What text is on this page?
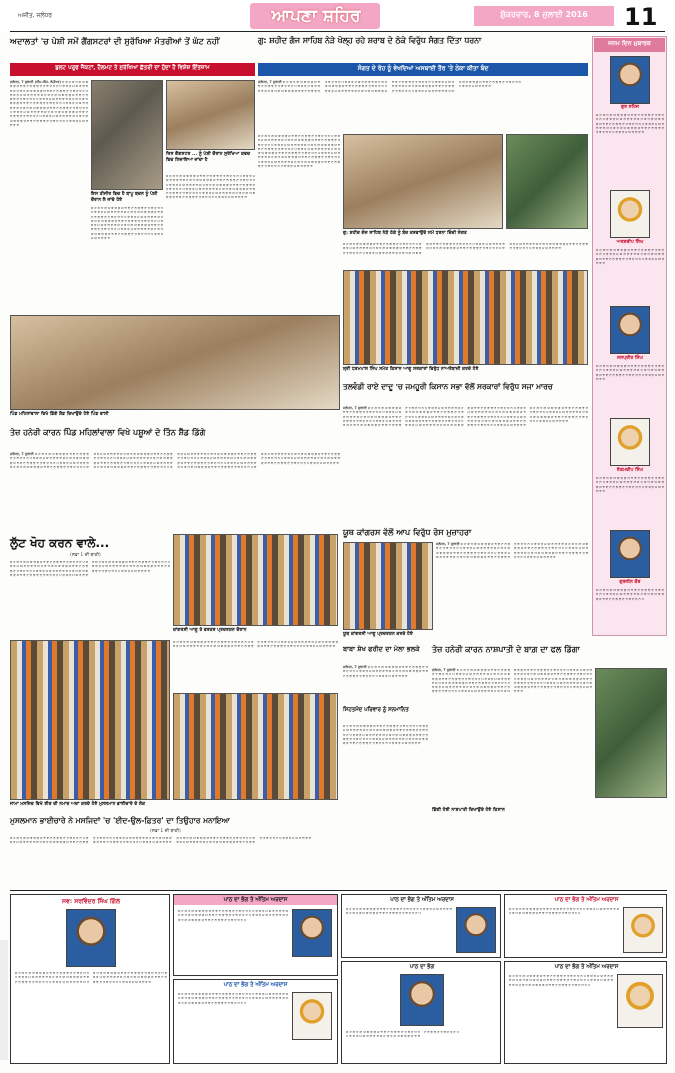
ਅਜੀਤ, ਜਲੰਧਰ	ਆਪਣਾ ਸ਼ਹਿਰ	ਸ਼ੁੱਕਰਵਾਰ, 8 ਜੁਲਾਈ 2016	11
ਅਦਾਲਤਾਂ 'ਚ ਪੇਸ਼ੀ ਸਮੇਂ ਗੈਂਗਸਟਰਾਂ ਦੀ ਸੁਰੱਖਿਆ ਮੰਤਰੀਆਂ ਤੋਂ ਘੱਟ ਨਹੀਂ
ਬੁਲਟ ਪਰੂਫ ਜੈਕਟਾਂ, ਹੈਲਮਟ ਤੇ ਸੁਰੱਖਿਆ ਛੱਤਰੀ ਦਾ ਹੁੰਦਾ ਹੈ ਵਿਸ਼ੇਸ਼ ਇੰਤਜ਼ਾਮ
ਜਲੰਧਰ, 7 ਜੁਲਾਈ (ਐੱਮ.ਐੱਸ. ਲੋਹੀਆ) ੲ ਸ ਹ ਕ ਖ ਗ ਘ ਙ ਚ ਛ ਜ ਝ ਞ ਟ ਠ ਡ ਢ ਣ ਤ ਥ ਦ ਧ ਨ ਪ ਫ ਬ ਭ ਮ ਯ ਰ ਲ ਵ ੜ ਸ ਹ ਕ ਖ ਗ ਘ ਙ ਚ ਛ ਜ ਝ ਞ ਟ ਠ ਡ ਢ ਣ ਤ ਥ ਦ ਧ ਨ ਪ ਫ ਬ ਭ ਮ ਯ ਰ ਲ ਵ ੜ ਸ ਹ ਕ ਖ ਗ ਘ ਙ ਚ ਛ ਜ ਝ ਞ ਟ ਠ ਡ ਢ ਣ ਤ ਥ ਦ ਧ ਨ ਪ ਫ ਬ ਭ ਮ ਯ ਰ ਲ ਵ ੜ ਸ ਹ ਕ ਖ ਗ ਘ ਙ ਚ ਛ ਜ ਝ ਞ ਟ ਠ ਡ ਢ ਣ ਤ ਥ ਦ ਧ ਨ ਪ ਫ ਬ ਭ ਮ ਯ ਰ ਲ ਵ ੜ ਸ ਹ ਕ ਖ ਗ ਘ ਙ ਚ ਛ ਜ ਝ ਞ ਟ ਠ ਡ ਢ ਣ ਤ ਥ ਦ ਧ ਨ ਪ ਫ ਬ ਭ ਮ ਯ ਰ ਲ ਵ ੜ ਸ ਹ ਕ ਖ ਗ ਘ ਙ ਚ ਛ ਜ ਝ ਞ ਟ ਠ ਡ ਢ ਣ ਤ ਥ ਦ ਧ ਨ ਪ ਫ ਬ ਭ ਮ ਯ ਰ ਲ ਵ ੜ ਸ ਹ ਕ ਖ ਗ ਘ ਙ ਚ ਛ ਜ ਝ ਞ ਟ ਠ ਡ ਢ ਣ ਤ ਥ ਦ ਧ ਨ ਪ ਫ ਬ ਭ ਮ ਯ ਰ ਲ ਵ ੜ
ਇਸ ਤੀਜੀਰ ਵਿਚ ਹੈ ਬਾਪੂ ਬਚਨ ਨੂੰ ਪੇਸ਼ੀ ਦੌਰਾਨ ਲੈ ਜਾਂਦੇ ਹੋਏ
ਜਿਸ ਗੈਂਗਸਟਰ ... ਨੂੰ ਪੇਸ਼ੀ ਦੌਰਾਨ ਸੁਰੱਖਿਆ ਕਵਚ ਵਿਚ ਲਿਜਾਇਆ ਜਾਂਦਾ ਹੈ
ਸ ਹ ਕ ਖ ਗ ਘ ਙ ਚ ਛ ਜ ਝ ਞ ਟ ਠ ਡ ਢ ਣ ਤ ਥ ਦ ਧ ਨ ਪ ਫ ਬ ਭ ਮ ਯ ਰ ਲ ਵ ੜ ਸ ਹ ਕ ਖ ਗ ਘ ਙ ਚ ਛ ਜ ਝ ਞ ਟ ਠ ਡ ਢ ਣ ਤ ਥ ਦ ਧ ਨ ਪ ਫ ਬ ਭ ਮ ਯ ਰ ਲ ਵ ੜ ਸ ਹ ਕ ਖ ਗ ਘ ਙ ਚ ਛ ਜ ਝ ਞ ਟ ਠ ਡ ਢ ਣ ਤ ਥ ਦ ਧ ਨ ਪ ਫ ਬ ਭ ਮ ਯ ਰ ਲ ਵ ੜ ਸ ਹ ਕ ਖ ਗ ਘ ਙ ਚ ਛ ਜ ਝ ਞ ਟ ਠ ਡ ਢ ਣ ਤ ਥ ਦ ਧ ਨ ਪ ਫ ਬ ਭ ਮ ਯ ਰ ਲ ਵ ੜ ਸ ਹ ਕ ਖ ਗ ਘ ਙ ਚ ਛ ਜ ਝ ਞ ਟ ਠ ਡ ਢ ਣ ਤ ਥ ਦ ਧ ਨ ਪ ਫ ਬ ਭ ਮ ਯ ਰ ਲ ਵ ੜ
ਸ ਹ ਕ ਖ ਗ ਘ ਙ ਚ ਛ ਜ ਝ ਞ ਟ ਠ ਡ ਢ ਣ ਤ ਥ ਦ ਧ ਨ ਪ ਫ ਬ ਭ ਮ ਯ ਰ ਲ ਵ ੜ ਸ ਹ ਕ ਖ ਗ ਘ ਙ ਚ ਛ ਜ ਝ ਞ ਟ ਠ ਡ ਢ ਣ ਤ ਥ ਦ ਧ ਨ ਪ ਫ ਬ ਭ ਮ ਯ ਰ ਲ ਵ ੜ ਸ ਹ ਕ ਖ ਗ ਘ ਙ ਚ ਛ ਜ ਝ ਞ ਟ ਠ ਡ ਢ ਣ ਤ ਥ ਦ ਧ ਨ ਪ ਫ ਬ ਭ ਮ ਯ ਰ ਲ ਵ ੜ ਸ ਹ ਕ ਖ ਗ ਘ ਙ ਚ ਛ ਜ ਝ ਞ ਟ ਠ ਡ ਢ ਣ ਤ ਥ ਦ ਧ ਨ ਪ ਫ ਬ ਭ ਮ ਯ ਰ ਲ ਵ ੜ ਸ ਹ ਕ ਖ ਗ ਘ ਙ ਚ ਛ ਜ ਝ ਞ ਟ ਠ ਡ ਢ ਣ ਤ ਥ ਦ ਧ ਨ ਪ ਫ ਬ ਭ ਮ ਯ ਰ ਲ ਵ ੜ
ਪਿੰਡ ਮਹਿਲਾਂਵਾਲਾ ਵਿਖੇ ਡਿੱਗੇ ਸ਼ੈੱਡ ਦਿਖਾਉਂਦੇ ਹੋਏ ਪਿੰਡ ਵਾਸੀ
ਤੇਜ਼ ਹਨੇਰੀ ਕਾਰਨ ਪਿੰਡ ਮਹਿਲਾਂਵਾਲਾ ਵਿਖੇ ਪਸ਼ੂਆਂ ਦੇ ਤਿੰਨ ਸ਼ੈੱਡ ਡਿੱਗੇ
ਜਲੰਧਰ, 7 ਜੁਲਾਈ ਸ ਹ ਕ ਖ ਗ ਘ ਙ ਚ ਛ ਜ ਝ ਞ ਟ ਠ ਡ ਢ ਣ ਤ ਥ ਦ ਧ ਨ ਪ ਫ ਬ ਭ ਮ ਯ ਰ ਲ ਵ ੜ ਸ ਹ ਕ ਖ ਗ ਘ ਙ ਚ ਛ ਜ ਝ ਞ ਟ ਠ ਡ ਢ ਣ ਤ ਥ ਦ ਧ ਨ ਪ ਫ ਬ ਭ ਮ ਯ ਰ ਲ ਵ ੜ ਸ ਹ ਕ ਖ ਗ ਘ ਙ ਚ ਛ ਜ ਝ ਞ ਟ ਠ ਡ ਢ ਣ ਤ ਥ ਦ ਧ ਨ ਪ ਫ ਬ ਭ ਮ ਯ ਰ ਲ ਵ ੜ ਸ ਹ ਕ ਖ ਗ ਘ ਙ ਚ ਛ ਜ ਝ ਞ ਟ ਠ ਡ ਢ ਣ ਤ ਥ ਦ ਧ ਨ ਪ ਫ ਬ ਭ ਮ ਯ ਰ ਲ ਵ ੜ ਸ ਹ ਕ ਖ ਗ ਘ ਙ ਚ ਛ ਜ ਝ ਞ ਟ ਠ ਡ ਢ ਣ ਤ ਥ ਦ ਧ ਨ ਪ ਫ ਬ ਭ ਮ ਯ ਰ ਲ ਵ ੜ ਸ ਹ ਕ ਖ ਗ ਘ ਙ ਚ ਛ ਜ ਝ ਞ ਟ ਠ ਡ ਢ ਣ ਤ ਥ ਦ ਧ ਨ ਪ ਫ ਬ ਭ ਮ ਯ ਰ ਲ ਵ ੜ ਸ ਹ ਕ ਖ ਗ ਘ ਙ ਚ ਛ ਜ ਝ ਞ ਟ ਠ ਡ ਢ ਣ ਤ ਥ ਦ ਧ ਨ ਪ ਫ ਬ ਭ ਮ ਯ ਰ ਲ ਵ ੜ ਸ ਹ ਕ ਖ ਗ ਘ ਙ ਚ ਛ ਜ ਝ ਞ ਟ ਠ ਡ ਢ ਣ ਤ ਥ ਦ ਧ ਨ ਪ ਫ ਬ ਭ ਮ ਯ ਰ ਲ ਵ ੜ ਸ ਹ ਕ ਖ ਗ ਘ ਙ ਚ ਛ ਜ ਝ ਞ ਟ ਠ ਡ ਢ ਣ ਤ ਥ ਦ ਧ ਨ ਪ ਫ ਬ ਭ ਮ ਯ ਰ ਲ ਵ ੜ ਸ ਹ ਕ ਖ ਗ ਘ ਙ ਚ ਛ ਜ ਝ ਞ ਟ ਠ ਡ ਢ ਣ ਤ ਥ ਦ ਧ ਨ ਪ ਫ ਬ ਭ ਮ ਯ ਰ ਲ ਵ ੜ ਸ ਹ ਕ ਖ ਗ ਘ ਙ ਚ ਛ ਜ ਝ ਞ ਟ ਠ ਡ ਢ ਣ ਤ ਥ ਦ ਧ ਨ ਪ ਫ ਬ ਭ ਮ ਯ ਰ ਲ ਵ ੜ
ਲੁੱਟ ਖੋਹ ਕਰਨ ਵਾਲੇ...
(ਸਫ਼ਾ 1 ਦੀ ਬਾਕੀ)
ਸ ਹ ਕ ਖ ਗ ਘ ਙ ਚ ਛ ਜ ਝ ਞ ਟ ਠ ਡ ਢ ਣ ਤ ਥ ਦ ਧ ਨ ਪ ਫ ਬ ਭ ਮ ਯ ਰ ਲ ਵ ੜ ਸ ਹ ਕ ਖ ਗ ਘ ਙ ਚ ਛ ਜ ਝ ਞ ਟ ਠ ਡ ਢ ਣ ਤ ਥ ਦ ਧ ਨ ਪ ਫ ਬ ਭ ਮ ਯ ਰ ਲ ਵ ੜ ਸ ਹ ਕ ਖ ਗ ਘ ਙ ਚ ਛ ਜ ਝ ਞ ਟ ਠ ਡ ਢ ਣ ਤ ਥ ਦ ਧ ਨ ਪ ਫ ਬ ਭ ਮ ਯ ਰ ਲ ਵ ੜ ਸ ਹ ਕ ਖ ਗ ਘ ਙ ਚ ਛ ਜ ਝ ਞ ਟ ਠ ਡ ਢ ਣ ਤ ਥ ਦ ਧ ਨ ਪ ਫ ਬ ਭ ਮ ਯ ਰ ਲ ਵ ੜ ਸ ਹ ਕ ਖ ਗ ਘ ਙ ਚ ਛ ਜ ਝ ਞ ਟ ਠ ਡ ਢ ਣ ਤ ਥ ਦ ਧ ਨ ਪ ਫ ਬ ਭ ਮ ਯ ਰ ਲ ਵ ੜ
ਕਾਂਗਰਸੀ ਆਗੂ ਤੇ ਵਰਕਰ ਪ੍ਰਦਰਸ਼ਨ ਦੌਰਾਨ
ਸ ਹ ਕ ਖ ਗ ਘ ਙ ਚ ਛ ਜ ਝ ਞ ਟ ਠ ਡ ਢ ਣ ਤ ਥ ਦ ਧ ਨ ਪ ਫ ਬ ਭ ਮ ਯ ਰ ਲ ਵ ੜ ਸ ਹ ਕ ਖ ਗ ਘ ਙ ਚ ਛ ਜ ਝ ਞ ਟ ਠ ਡ ਢ ਣ ਤ ਥ ਦ ਧ ਨ ਪ ਫ ਬ ਭ ਮ ਯ ਰ ਲ ਵ ੜ ਸ ਹ ਕ ਖ ਗ ਘ ਙ ਚ ਛ ਜ ਝ ਞ ਟ ਠ ਡ ਢ ਣ ਤ ਥ ਦ ਧ ਨ ਪ ਫ ਬ ਭ ਮ ਯ ਰ ਲ ਵ ੜ
ਜਾਮਾ ਮਸਜਿਦ ਵਿਖੇ ਈਦ ਦੀ ਨਮਾਜ਼ ਅਦਾ ਕਰਦੇ ਹੋਏ ਮੁਸਲਮਾਨ ਭਾਈਚਾਰੇ ਦੇ ਲੋਕ
ਮੁਸਲਮਾਨ ਭਾਈਚਾਰੇ ਨੇ ਮਸਜਿਦਾਂ 'ਚ 'ਈਦ-ਉਲ-ਫ਼ਿਤਰ' ਦਾ ਤਿਉਹਾਰ ਮਨਾਇਆ
(ਸਫ਼ਾ 1 ਦੀ ਬਾਕੀ)
ਸ ਹ ਕ ਖ ਗ ਘ ਙ ਚ ਛ ਜ ਝ ਞ ਟ ਠ ਡ ਢ ਣ ਤ ਥ ਦ ਧ ਨ ਪ ਫ ਬ ਭ ਮ ਯ ਰ ਲ ਵ ੜ ਸ ਹ ਕ ਖ ਗ ਘ ਙ ਚ ਛ ਜ ਝ ਞ ਟ ਠ ਡ ਢ ਣ ਤ ਥ ਦ ਧ ਨ ਪ ਫ ਬ ਭ ਮ ਯ ਰ ਲ ਵ ੜ ਸ ਹ ਕ ਖ ਗ ਘ ਙ ਚ ਛ ਜ ਝ ਞ ਟ ਠ ਡ ਢ ਣ ਤ ਥ ਦ ਧ ਨ ਪ ਫ ਬ ਭ ਮ ਯ ਰ ਲ ਵ ੜ ਸ ਹ ਕ ਖ ਗ ਘ ਙ ਚ ਛ ਜ ਝ ਞ ਟ ਠ ਡ ਢ ਣ ਤ ਥ ਦ ਧ ਨ ਪ ਫ ਬ ਭ ਮ ਯ ਰ ਲ ਵ ੜ ਸ ਹ ਕ ਖ ਗ ਘ ਙ ਚ ਛ ਜ ਝ ਞ ਟ ਠ ਡ ਢ ਣ ਤ ਥ ਦ ਧ ਨ ਪ ਫ ਬ ਭ ਮ ਯ ਰ ਲ ਵ ੜ
ਗੁ: ਸ਼ਹੀਦ ਗੰਜ ਸਾਹਿਬ ਨੇੜੇ ਖੋਲ੍ਹ ਰਹੇ ਸ਼ਰਾਬ ਦੇ ਠੇਕੇ ਵਿਰੁੱਧ ਸੰਗਤ ਦਿੱਤਾ ਧਰਨਾ
ਸੰਗਤ ਦੇ ਰੋਹ ਨੂੰ ਵੇਖਦਿਆਂ ਅਸਥਾਈ ਤੌਰ 'ਤੇ ਠੇਕਾ ਕੀਤਾ ਬੰਦ
ਜਲੰਧਰ, 7 ਜੁਲਾਈ ਸ ਹ ਕ ਖ ਗ ਘ ਙ ਚ ਛ ਜ ਝ ਞ ਟ ਠ ਡ ਢ ਣ ਤ ਥ ਦ ਧ ਨ ਪ ਫ ਬ ਭ ਮ ਯ ਰ ਲ ਵ ੜ ਸ ਹ ਕ ਖ ਗ ਘ ਙ ਚ ਛ ਜ ਝ ਞ ਟ ਠ ਡ ਢ ਣ ਤ ਥ ਦ ਧ ਨ ਪ ਫ ਬ ਭ ਮ ਯ ਰ ਲ ਵ ੜ ਸ ਹ ਕ ਖ ਗ ਘ ਙ ਚ ਛ ਜ ਝ ਞ ਟ ਠ ਡ ਢ ਣ ਤ ਥ ਦ ਧ ਨ ਪ ਫ ਬ ਭ ਮ ਯ ਰ ਲ ਵ ੜ ਸ ਹ ਕ ਖ ਗ ਘ ਙ ਚ ਛ ਜ ਝ ਞ ਟ ਠ ਡ ਢ ਣ ਤ ਥ ਦ ਧ ਨ ਪ ਫ ਬ ਭ ਮ ਯ ਰ ਲ ਵ ੜ ਸ ਹ ਕ ਖ ਗ ਘ ਙ ਚ ਛ ਜ ਝ ਞ ਟ ਠ ਡ ਢ ਣ ਤ ਥ ਦ ਧ ਨ ਪ ਫ ਬ ਭ ਮ ਯ ਰ ਲ ਵ ੜ ਸ ਹ ਕ ਖ ਗ ਘ ਙ ਚ ਛ ਜ ਝ ਞ ਟ ਠ ਡ ਢ ਣ ਤ ਥ ਦ ਧ ਨ ਪ ਫ ਬ ਭ ਮ ਯ ਰ ਲ ਵ ੜ
ਗੁ: ਸ਼ਹੀਦ ਗੰਜ ਸਾਹਿਬ ਨੇੜੇ ਠੇਕੇ ਨੂੰ ਬੰਦ ਕਰਵਾਉਂਦੇ ਸਮੇਂ ਧਰਨਾ ਦਿੰਦੀ ਸੰਗਤ
ਸ ਹ ਕ ਖ ਗ ਘ ਙ ਚ ਛ ਜ ਝ ਞ ਟ ਠ ਡ ਢ ਣ ਤ ਥ ਦ ਧ ਨ ਪ ਫ ਬ ਭ ਮ ਯ ਰ ਲ ਵ ੜ ਸ ਹ ਕ ਖ ਗ ਘ ਙ ਚ ਛ ਜ ਝ ਞ ਟ ਠ ਡ ਢ ਣ ਤ ਥ ਦ ਧ ਨ ਪ ਫ ਬ ਭ ਮ ਯ ਰ ਲ ਵ ੜ ਸ ਹ ਕ ਖ ਗ ਘ ਙ ਚ ਛ ਜ ਝ ਞ ਟ ਠ ਡ ਢ ਣ ਤ ਥ ਦ ਧ ਨ ਪ ਫ ਬ ਭ ਮ ਯ ਰ ਲ ਵ ੜ ਸ ਹ ਕ ਖ ਗ ਘ ਙ ਚ ਛ ਜ ਝ ਞ ਟ ਠ ਡ ਢ ਣ ਤ ਥ ਦ ਧ ਨ ਪ ਫ ਬ ਭ ਮ ਯ ਰ ਲ ਵ ੜ ਸ ਹ ਕ ਖ ਗ ਘ ਙ ਚ ਛ ਜ ਝ ਞ ਟ ਠ ਡ ਢ ਣ ਤ ਥ ਦ ਧ ਨ ਪ ਫ ਬ ਭ ਮ ਯ ਰ ਲ ਵ ੜ ਸ ਹ ਕ ਖ ਗ ਘ ਙ ਚ ਛ ਜ ਝ ਞ ਟ ਠ ਡ ਢ ਣ ਤ ਥ ਦ ਧ ਨ ਪ ਫ ਬ ਭ ਮ ਯ ਰ ਲ ਵ ੜ
ਸ ਹ ਕ ਖ ਗ ਘ ਙ ਚ ਛ ਜ ਝ ਞ ਟ ਠ ਡ ਢ ਣ ਤ ਥ ਦ ਧ ਨ ਪ ਫ ਬ ਭ ਮ ਯ ਰ ਲ ਵ ੜ ਸ ਹ ਕ ਖ ਗ ਘ ਙ ਚ ਛ ਜ ਝ ਞ ਟ ਠ ਡ ਢ ਣ ਤ ਥ ਦ ਧ ਨ ਪ ਫ ਬ ਭ ਮ ਯ ਰ ਲ ਵ ੜ ਸ ਹ ਕ ਖ ਗ ਘ ਙ ਚ ਛ ਜ ਝ ਞ ਟ ਠ ਡ ਢ ਣ ਤ ਥ ਦ ਧ ਨ ਪ ਫ ਬ ਭ ਮ ਯ ਰ ਲ ਵ ੜ ਸ ਹ ਕ ਖ ਗ ਘ ਙ ਚ ਛ ਜ ਝ ਞ ਟ ਠ ਡ ਢ ਣ ਤ ਥ ਦ ਧ ਨ ਪ ਫ ਬ ਭ ਮ ਯ ਰ ਲ ਵ ੜ ਸ ਹ ਕ ਖ ਗ ਘ ਙ ਚ ਛ ਜ ਝ ਞ ਟ ਠ ਡ ਢ ਣ ਤ ਥ ਦ ਧ ਨ ਪ ਫ ਬ ਭ ਮ ਯ ਰ ਲ ਵ ੜ
ਸ਼੍ਰੀ ਧਰਮਪਾਲ ਸਿੰਘ ਸਮੇਤ ਕਿਸਾਨ ਆਗੂ ਸਰਕਾਰਾਂ ਵਿਰੁੱਧ ਨਾਅਰੇਬਾਜ਼ੀ ਕਰਦੇ ਹੋਏ
ਤਲਵੰਡੀ ਰਾਏ ਦਾਦੂ 'ਚ ਜਮਹੂਰੀ ਕਿਸਾਨ ਸਭਾ ਵੱਲੋਂ ਸਰਕਾਰਾਂ ਵਿਰੁੱਧ ਸਜਾ ਮਾਰਚ
ਜਲੰਧਰ, 7 ਜੁਲਾਈ ਸ ਹ ਕ ਖ ਗ ਘ ਙ ਚ ਛ ਜ ਝ ਞ ਟ ਠ ਡ ਢ ਣ ਤ ਥ ਦ ਧ ਨ ਪ ਫ ਬ ਭ ਮ ਯ ਰ ਲ ਵ ੜ ਸ ਹ ਕ ਖ ਗ ਘ ਙ ਚ ਛ ਜ ਝ ਞ ਟ ਠ ਡ ਢ ਣ ਤ ਥ ਦ ਧ ਨ ਪ ਫ ਬ ਭ ਮ ਯ ਰ ਲ ਵ ੜ ਸ ਹ ਕ ਖ ਗ ਘ ਙ ਚ ਛ ਜ ਝ ਞ ਟ ਠ ਡ ਢ ਣ ਤ ਥ ਦ ਧ ਨ ਪ ਫ ਬ ਭ ਮ ਯ ਰ ਲ ਵ ੜ ਸ ਹ ਕ ਖ ਗ ਘ ਙ ਚ ਛ ਜ ਝ ਞ ਟ ਠ ਡ ਢ ਣ ਤ ਥ ਦ ਧ ਨ ਪ ਫ ਬ ਭ ਮ ਯ ਰ ਲ ਵ ੜ ਸ ਹ ਕ ਖ ਗ ਘ ਙ ਚ ਛ ਜ ਝ ਞ ਟ ਠ ਡ ਢ ਣ ਤ ਥ ਦ ਧ ਨ ਪ ਫ ਬ ਭ ਮ ਯ ਰ ਲ ਵ ੜ ਸ ਹ ਕ ਖ ਗ ਘ ਙ ਚ ਛ ਜ ਝ ਞ ਟ ਠ ਡ ਢ ਣ ਤ ਥ ਦ ਧ ਨ ਪ ਫ ਬ ਭ ਮ ਯ ਰ ਲ ਵ ੜ ਸ ਹ ਕ ਖ ਗ ਘ ਙ ਚ ਛ ਜ ਝ ਞ ਟ ਠ ਡ ਢ ਣ ਤ ਥ ਦ ਧ ਨ ਪ ਫ ਬ ਭ ਮ ਯ ਰ ਲ ਵ ੜ ਸ ਹ ਕ ਖ ਗ ਘ ਙ ਚ ਛ ਜ ਝ ਞ ਟ ਠ ਡ ਢ ਣ ਤ ਥ ਦ ਧ ਨ ਪ ਫ ਬ ਭ ਮ ਯ ਰ ਲ ਵ ੜ ਸ ਹ ਕ ਖ ਗ ਘ ਙ ਚ ਛ ਜ ਝ ਞ ਟ ਠ ਡ ਢ ਣ ਤ ਥ ਦ ਧ ਨ ਪ ਫ ਬ ਭ ਮ ਯ ਰ ਲ ਵ ੜ ਸ ਹ ਕ ਖ ਗ ਘ ਙ ਚ ਛ ਜ ਝ ਞ ਟ ਠ ਡ ਢ ਣ ਤ ਥ ਦ ਧ ਨ ਪ ਫ ਬ ਭ ਮ ਯ ਰ ਲ ਵ ੜ
ਯੂਥ ਕਾਂਗਰਸ ਵੱਲੋਂ ਆਪ ਵਿਰੁੱਧ ਰੋਸ ਮੁਜ਼ਾਹਰਾ
ਜਲੰਧਰ, 7 ਜੁਲਾਈ ਸ ਹ ਕ ਖ ਗ ਘ ਙ ਚ ਛ ਜ ਝ ਞ ਟ ਠ ਡ ਢ ਣ ਤ ਥ ਦ ਧ ਨ ਪ ਫ ਬ ਭ ਮ ਯ ਰ ਲ ਵ ੜ ਸ ਹ ਕ ਖ ਗ ਘ ਙ ਚ ਛ ਜ ਝ ਞ ਟ ਠ ਡ ਢ ਣ ਤ ਥ ਦ ਧ ਨ ਪ ਫ ਬ ਭ ਮ ਯ ਰ ਲ ਵ ੜ ਸ ਹ ਕ ਖ ਗ ਘ ਙ ਚ ਛ ਜ ਝ ਞ ਟ ਠ ਡ ਢ ਣ ਤ ਥ ਦ ਧ ਨ ਪ ਫ ਬ ਭ ਮ ਯ ਰ ਲ ਵ ੜ ਸ ਹ ਕ ਖ ਗ ਘ ਙ ਚ ਛ ਜ ਝ ਞ ਟ ਠ ਡ ਢ ਣ ਤ ਥ ਦ ਧ ਨ ਪ ਫ ਬ ਭ ਮ ਯ ਰ ਲ ਵ ੜ ਸ ਹ ਕ ਖ ਗ ਘ ਙ ਚ ਛ ਜ ਝ ਞ ਟ ਠ ਡ ਢ ਣ ਤ ਥ ਦ ਧ ਨ ਪ ਫ ਬ ਭ ਮ ਯ ਰ ਲ ਵ ੜ
ਯੂਥ ਕਾਂਗਰਸੀ ਆਗੂ ਪ੍ਰਦਰਸ਼ਨ ਕਰਦੇ ਹੋਏ
ਬਾਬਾ ਸ਼ੇਖ ਫਰੀਦ ਦਾ ਮੇਲਾ ਭਲਕੇ
ਜਲੰਧਰ, 7 ਜੁਲਾਈ ਸ ਹ ਕ ਖ ਗ ਘ ਙ ਚ ਛ ਜ ਝ ਞ ਟ ਠ ਡ ਢ ਣ ਤ ਥ ਦ ਧ ਨ ਪ ਫ ਬ ਭ ਮ ਯ ਰ ਲ ਵ ੜ ਸ ਹ ਕ ਖ ਗ ਘ ਙ ਚ ਛ ਜ ਝ ਞ ਟ ਠ ਡ ਢ ਣ ਤ ਥ ਦ ਧ ਨ ਪ ਫ ਬ ਭ ਮ ਯ ਰ ਲ ਵ ੜ
ਸਿਹਤਮੰਦ ਪਰਿਵਾਰ ਨੂੰ ਸਨਮਾਨਿਤ
ਸ ਹ ਕ ਖ ਗ ਘ ਙ ਚ ਛ ਜ ਝ ਞ ਟ ਠ ਡ ਢ ਣ ਤ ਥ ਦ ਧ ਨ ਪ ਫ ਬ ਭ ਮ ਯ ਰ ਲ ਵ ੜ ਸ ਹ ਕ ਖ ਗ ਘ ਙ ਚ ਛ ਜ ਝ ਞ ਟ ਠ ਡ ਢ ਣ ਤ ਥ ਦ ਧ ਨ ਪ ਫ ਬ ਭ ਮ ਯ ਰ ਲ ਵ ੜ ਸ ਹ ਕ ਖ ਗ ਘ ਙ ਚ ਛ ਜ ਝ ਞ ਟ ਠ ਡ ਢ ਣ ਤ ਥ ਦ ਧ ਨ ਪ ਫ ਬ ਭ ਮ ਯ ਰ ਲ ਵ ੜ ਸ ਹ ਕ ਖ ਗ ਘ ਙ ਚ ਛ ਜ ਝ ਞ ਟ ਠ ਡ ਢ ਣ ਤ ਥ ਦ ਧ ਨ ਪ ਫ ਬ ਭ ਮ ਯ ਰ ਲ ਵ ੜ
ਤੇਜ਼ ਹਨੇਰੀ ਕਾਰਨ ਨਾਸ਼ਪਾਤੀ ਦੇ ਬਾਗ਼ ਦਾ ਫਲ ਡਿੱਗਾ
ਜਲੰਧਰ, 7 ਜੁਲਾਈ ਸ ਹ ਕ ਖ ਗ ਘ ਙ ਚ ਛ ਜ ਝ ਞ ਟ ਠ ਡ ਢ ਣ ਤ ਥ ਦ ਧ ਨ ਪ ਫ ਬ ਭ ਮ ਯ ਰ ਲ ਵ ੜ ਸ ਹ ਕ ਖ ਗ ਘ ਙ ਚ ਛ ਜ ਝ ਞ ਟ ਠ ਡ ਢ ਣ ਤ ਥ ਦ ਧ ਨ ਪ ਫ ਬ ਭ ਮ ਯ ਰ ਲ ਵ ੜ ਸ ਹ ਕ ਖ ਗ ਘ ਙ ਚ ਛ ਜ ਝ ਞ ਟ ਠ ਡ ਢ ਣ ਤ ਥ ਦ ਧ ਨ ਪ ਫ ਬ ਭ ਮ ਯ ਰ ਲ ਵ ੜ ਸ ਹ ਕ ਖ ਗ ਘ ਙ ਚ ਛ ਜ ਝ ਞ ਟ ਠ ਡ ਢ ਣ ਤ ਥ ਦ ਧ ਨ ਪ ਫ ਬ ਭ ਮ ਯ ਰ ਲ ਵ ੜ ਸ ਹ ਕ ਖ ਗ ਘ ਙ ਚ ਛ ਜ ਝ ਞ ਟ ਠ ਡ ਢ ਣ ਤ ਥ ਦ ਧ ਨ ਪ ਫ ਬ ਭ ਮ ਯ ਰ ਲ ਵ ੜ ਸ ਹ ਕ ਖ ਗ ਘ ਙ ਚ ਛ ਜ ਝ ਞ ਟ ਠ ਡ ਢ ਣ ਤ ਥ ਦ ਧ ਨ ਪ ਫ ਬ ਭ ਮ ਯ ਰ ਲ ਵ ੜ ਸ ਹ ਕ ਖ ਗ ਘ ਙ ਚ ਛ ਜ ਝ ਞ ਟ ਠ ਡ ਢ ਣ ਤ ਥ ਦ ਧ ਨ ਪ ਫ ਬ ਭ ਮ ਯ ਰ ਲ ਵ ੜ ਸ ਹ ਕ ਖ ਗ ਘ ਙ ਚ ਛ ਜ ਝ ਞ ਟ ਠ ਡ ਢ ਣ ਤ ਥ ਦ ਧ ਨ ਪ ਫ ਬ ਭ ਮ ਯ ਰ ਲ ਵ ੜ
ਡਿੱਗੀ ਹੋਈ ਨਾਸ਼ਪਾਤੀ ਦਿਖਾਉਂਦੇ ਹੋਏ ਕਿਸਾਨ
ਜਨਮ ਦਿਨ ਮੁਬਾਰਕ
ਗੁਰ ਸਹਿਜ
ਸ ਹ ਕ ਖ ਗ ਘ ਙ ਚ ਛ ਜ ਝ ਞ ਟ ਠ ਡ ਢ ਣ ਤ ਥ ਦ ਧ ਨ ਪ ਫ ਬ ਭ ਮ ਯ ਰ ਲ ਵ ੜ ਸ ਹ ਕ ਖ ਗ ਘ ਙ ਚ ਛ ਜ ਝ ਞ ਟ ਠ ਡ ਢ ਣ ਤ ਥ ਦ ਧ ਨ ਪ ਫ ਬ ਭ ਮ ਯ ਰ ਲ ਵ ੜ ਸ ਹ ਕ ਖ ਗ ਘ ਙ ਚ ਛ ਜ ਝ ਞ ਟ ਠ ਡ ਢ ਣ ਤ ਥ ਦ ਧ ਨ ਪ ਫ ਬ ਭ ਮ ਯ ਰ ਲ ਵ ੜ
ਅਰਸ਼ਦੀਪ ਸਿੰਘ
ਸ ਹ ਕ ਖ ਗ ਘ ਙ ਚ ਛ ਜ ਝ ਞ ਟ ਠ ਡ ਢ ਣ ਤ ਥ ਦ ਧ ਨ ਪ ਫ ਬ ਭ ਮ ਯ ਰ ਲ ਵ ੜ ਸ ਹ ਕ ਖ ਗ ਘ ਙ ਚ ਛ ਜ ਝ ਞ ਟ ਠ ਡ ਢ ਣ ਤ ਥ ਦ ਧ ਨ ਪ ਫ ਬ ਭ ਮ ਯ ਰ ਲ ਵ ੜ
ਜਸਪ੍ਰੀਤ ਸਿੰਘ
ਸ ਹ ਕ ਖ ਗ ਘ ਙ ਚ ਛ ਜ ਝ ਞ ਟ ਠ ਡ ਢ ਣ ਤ ਥ ਦ ਧ ਨ ਪ ਫ ਬ ਭ ਮ ਯ ਰ ਲ ਵ ੜ ਸ ਹ ਕ ਖ ਗ ਘ ਙ ਚ ਛ ਜ ਝ ਞ ਟ ਠ ਡ ਢ ਣ ਤ ਥ ਦ ਧ ਨ ਪ ਫ ਬ ਭ ਮ ਯ ਰ ਲ ਵ ੜ
ਏਕਮਦੀਪ ਸਿੰਘ
ਸ ਹ ਕ ਖ ਗ ਘ ਙ ਚ ਛ ਜ ਝ ਞ ਟ ਠ ਡ ਢ ਣ ਤ ਥ ਦ ਧ ਨ ਪ ਫ ਬ ਭ ਮ ਯ ਰ ਲ ਵ ੜ ਸ ਹ ਕ ਖ ਗ ਘ ਙ ਚ ਛ ਜ ਝ ਞ ਟ ਠ ਡ ਢ ਣ ਤ ਥ ਦ ਧ ਨ ਪ ਫ ਬ ਭ ਮ ਯ ਰ ਲ ਵ ੜ
ਗੁਰਲੀਨ ਕੌਰ
ਸ ਹ ਕ ਖ ਗ ਘ ਙ ਚ ਛ ਜ ਝ ਞ ਟ ਠ ਡ ਢ ਣ ਤ ਥ ਦ ਧ ਨ ਪ ਫ ਬ ਭ ਮ ਯ ਰ ਲ ਵ ੜ ਸ ਹ ਕ ਖ ਗ ਘ ਙ ਚ ਛ ਜ ਝ ਞ ਟ ਠ ਡ ਢ ਣ ਤ ਥ ਦ ਧ ਨ ਪ
ਸਵ: ਸਰਵਿੰਦਰ ਸਿੰਘ ਗਿੱਲ
ਸ ਹ ਕ ਖ ਗ ਘ ਙ ਚ ਛ ਜ ਝ ਞ ਟ ਠ ਡ ਢ ਣ ਤ ਥ ਦ ਧ ਨ ਪ ਫ ਬ ਭ ਮ ਯ ਰ ਲ ਵ ੜ ਸ ਹ ਕ ਖ ਗ ਘ ਙ ਚ ਛ ਜ ਝ ਞ ਟ ਠ ਡ ਢ ਣ ਤ ਥ ਦ ਧ ਨ ਪ ਫ ਬ ਭ ਮ ਯ ਰ ਲ ਵ ੜ ਸ ਹ ਕ ਖ ਗ ਘ ਙ ਚ ਛ ਜ ਝ ਞ ਟ ਠ ਡ ਢ ਣ ਤ ਥ ਦ ਧ ਨ ਪ ਫ ਬ ਭ ਮ ਯ ਰ ਲ ਵ ੜ ਸ ਹ ਕ ਖ ਗ ਘ ਙ ਚ ਛ ਜ ਝ ਞ ਟ ਠ ਡ ਢ ਣ ਤ ਥ ਦ ਧ ਨ ਪ ਫ ਬ ਭ ਮ ਯ ਰ ਲ ਵ ੜ
ਪਾਠ ਦਾ ਭੋਗ ਤੇ ਅੰਤਿਮ ਅਰਦਾਸ
ਸ ਹ ਕ ਖ ਗ ਘ ਙ ਚ ਛ ਜ ਝ ਞ ਟ ਠ ਡ ਢ ਣ ਤ ਥ ਦ ਧ ਨ ਪ ਫ ਬ ਭ ਮ ਯ ਰ ਲ ਵ ੜ ਸ ਹ ਕ ਖ ਗ ਘ ਙ ਚ ਛ ਜ ਝ ਞ ਟ ਠ ਡ ਢ ਣ ਤ ਥ ਦ ਧ ਨ ਪ ਫ ਬ ਭ ਮ ਯ ਰ ਲ ਵ ੜ ਸ ਹ ਕ ਖ ਗ ਘ ਙ ਚ ਛ ਜ ਝ ਞ ਟ ਠ ਡ ਢ ਣ ਤ ਥ ਦ ਧ ਨ ਪ
ਪਾਠ ਦਾ ਭੋਗ ਤੇ ਅੰਤਿਮ ਅਰਦਾਸ
ਸ ਹ ਕ ਖ ਗ ਘ ਙ ਚ ਛ ਜ ਝ ਞ ਟ ਠ ਡ ਢ ਣ ਤ ਥ ਦ ਧ ਨ ਪ ਫ ਬ ਭ ਮ ਯ ਰ ਲ ਵ ੜ ਸ ਹ ਕ ਖ ਗ ਘ ਙ ਚ ਛ ਜ ਝ ਞ ਟ ਠ ਡ ਢ ਣ ਤ ਥ ਦ ਧ ਨ ਪ ਫ ਬ ਭ ਮ ਯ ਰ ਲ ਵ ੜ ਸ ਹ ਕ ਖ ਗ ਘ ਙ ਚ ਛ ਜ ਝ ਞ ਟ ਠ ਡ ਢ ਣ ਤ ਥ ਦ ਧ ਨ ਪ
ਪਾਠ ਦਾ ਭੋਗ ਤੇ ਅੰਤਿਮ ਅਰਦਾਸ
ਸ ਹ ਕ ਖ ਗ ਘ ਙ ਚ ਛ ਜ ਝ ਞ ਟ ਠ ਡ ਢ ਣ ਤ ਥ ਦ ਧ ਨ ਪ ਫ ਬ ਭ ਮ ਯ ਰ ਲ ਵ ੜ ਸ ਹ ਕ ਖ ਗ ਘ ਙ ਚ ਛ ਜ ਝ ਞ ਟ ਠ ਡ ਢ ਣ ਤ ਥ ਦ ਧ ਨ ਪ
ਪਾਠ ਦਾ ਭੋਗ ਤੇ ਅੰਤਿਮ ਅਰਦਾਸ
ਸ ਹ ਕ ਖ ਗ ਘ ਙ ਚ ਛ ਜ ਝ ਞ ਟ ਠ ਡ ਢ ਣ ਤ ਥ ਦ ਧ ਨ ਪ ਫ ਬ ਭ ਮ ਯ ਰ ਲ ਵ ੜ ਸ ਹ ਕ ਖ ਗ ਘ ਙ ਚ ਛ ਜ ਝ ਞ ਟ ਠ ਡ ਢ ਣ ਤ ਥ ਦ ਧ ਨ ਪ
ਪਾਠ ਦਾ ਭੋਗ
ਸ ਹ ਕ ਖ ਗ ਘ ਙ ਚ ਛ ਜ ਝ ਞ ਟ ਠ ਡ ਢ ਣ ਤ ਥ ਦ ਧ ਨ ਪ ਫ ਬ ਭ ਮ ਯ ਰ ਲ ਵ ੜ ਸ ਹ ਕ ਖ ਗ ਘ ਙ ਚ ਛ ਜ ਝ ਞ ਟ ਠ ਡ ਢ ਣ ਤ ਥ ਦ ਧ ਨ ਪ
ਪਾਠ ਦਾ ਭੋਗ ਤੇ ਅੰਤਿਮ ਅਰਦਾਸ
ਸ ਹ ਕ ਖ ਗ ਘ ਙ ਚ ਛ ਜ ਝ ਞ ਟ ਠ ਡ ਢ ਣ ਤ ਥ ਦ ਧ ਨ ਪ ਫ ਬ ਭ ਮ ਯ ਰ ਲ ਵ ੜ ਸ ਹ ਕ ਖ ਗ ਘ ਙ ਚ ਛ ਜ ਝ ਞ ਟ ਠ ਡ ਢ ਣ ਤ ਥ ਦ ਧ ਨ ਪ ਫ ਬ ਭ ਮ ਯ ਰ ਲ ਵ ੜ ਸ ਹ ਕ ਖ ਗ ਘ ਙ ਚ ਛ ਜ ਝ ਞ ਟ ਠ ਡ ਢ ਣ ਤ ਥ ਦ ਧ ਨ ਪ
